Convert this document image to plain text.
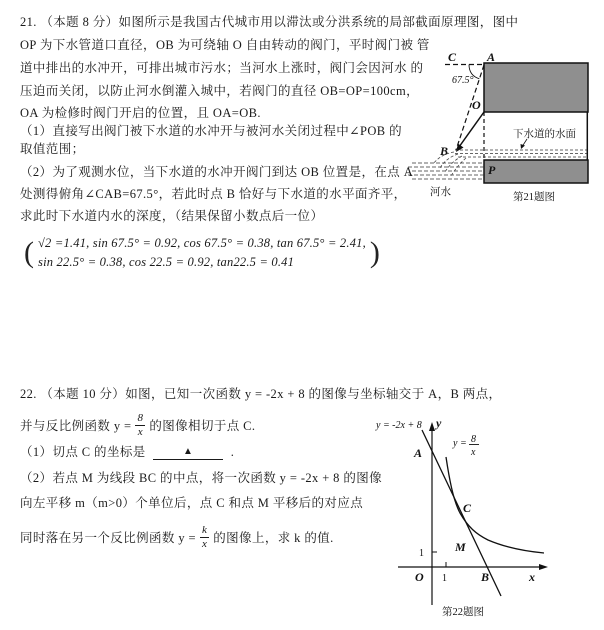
21. （本题 8 分）如图所示是我国古代城市用以滞汰或分洪系统的局部截面原理图，图中
OP 为下水管道口直径，OB 为可绕轴 O 自由转动的阀门，平时阀门被 管
道中排出的水冲开，可排出城市污水；当河水上涨时，阀门会因河水 的
压迫而关闭，以防止河水倒灌入城中，若阀门的直径 OB=OP=100cm，
OA 为检修时阀门开启的位置，且 OA=OB.
（1）直接写出阀门被下水道的水冲开与被河水关闭过程中∠POB 的
取值范围；
（2）为了观测水位，当下水道的水冲开阀门到达 OB 位置是，在点 A
处测得俯角∠CAB=67.5°，若此时点 B 恰好与下水道的水平面齐平，
求此时下水道内水的深度，（结果保留小数点后一位）
( √2 =1.41, sin 67.5° = 0.92, cos 67.5° = 0.38, tan 67.5° = 2.41,
sin 22.5° = 0.38, cos 22.5 = 0.92, tan22.5 = 0.41	)
C	A
67.5°
O
B
P
下水道的水面
河水	第21题图
22. （本题 10 分）如图，已知一次函数 y = -2x + 8 的图像与坐标轴交于 A，B 两点，
并与反比例函数 $y = \frac{8}{x}$ 的图像相切于点 C.
（1）切点 C 的坐标是	▲	.
（2）若点 M 为线段 BC 的中点，将一次函数 y = -2x + 8 的图像
向左平移 m（m>0）个单位后，点 C 和点 M 平移后的对应点
同时落在另一个反比例函数 $y = \frac{k}{x}$ 的图像上，求 k 的值.
y = -2x + 8
y = 8
x
A
C
M
O	B	x
y
1
1
第22题图
